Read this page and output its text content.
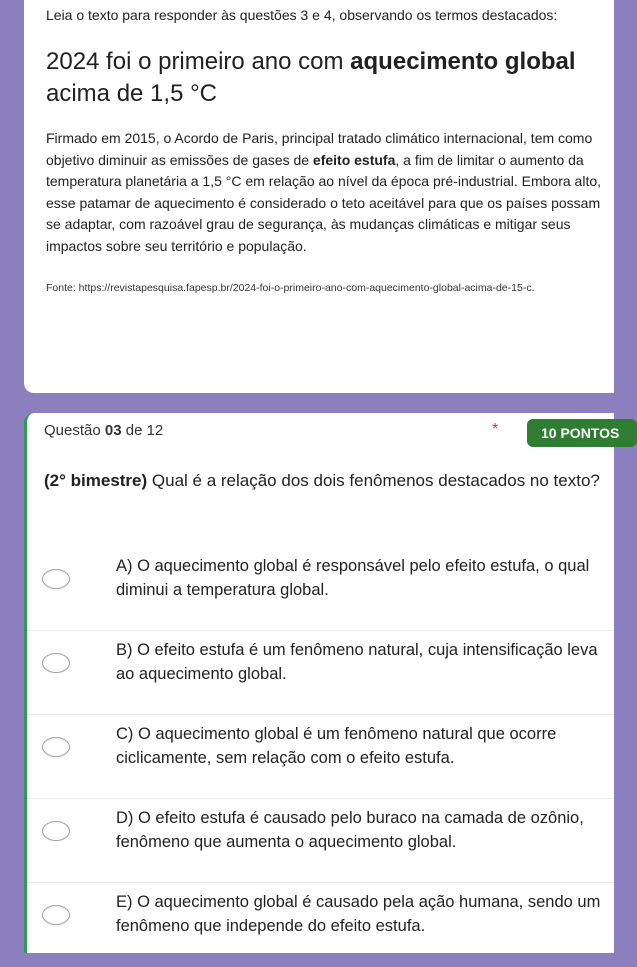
Leia o texto para responder às questões 3 e 4, observando os termos destacados:

2024 foi o primeiro ano com aquecimento global acima de 1,5 °C

Firmado em 2015, o Acordo de Paris, principal tratado climático internacional, tem como objetivo diminuir as emissões de gases de efeito estufa, a fim de limitar o aumento da temperatura planetária a 1,5 °C em relação ao nível da época pré-industrial. Embora alto, esse patamar de aquecimento é considerado o teto aceitável para que os países possam se adaptar, com razoável grau de segurança, às mudanças climáticas e mitigar seus impactos sobre seu território e população.

Fonte: https://revistapesquisa.fapesp.br/2024-foi-o-primeiro-ano-com-aquecimento-global-acima-de-15-c.

Questão 03 de 12	*	10 PONTOS

(2° bimestre) Qual é a relação dos dois fenômenos destacados no texto?

A) O aquecimento global é responsável pelo efeito estufa, o qual diminui a temperatura global.
B) O efeito estufa é um fenômeno natural, cuja intensificação leva ao aquecimento global.
C) O aquecimento global é um fenômeno natural que ocorre ciclicamente, sem relação com o efeito estufa.
D) O efeito estufa é causado pelo buraco na camada de ozônio, fenômeno que aumenta o aquecimento global.
E) O aquecimento global é causado pela ação humana, sendo um fenômeno que independe do efeito estufa.
